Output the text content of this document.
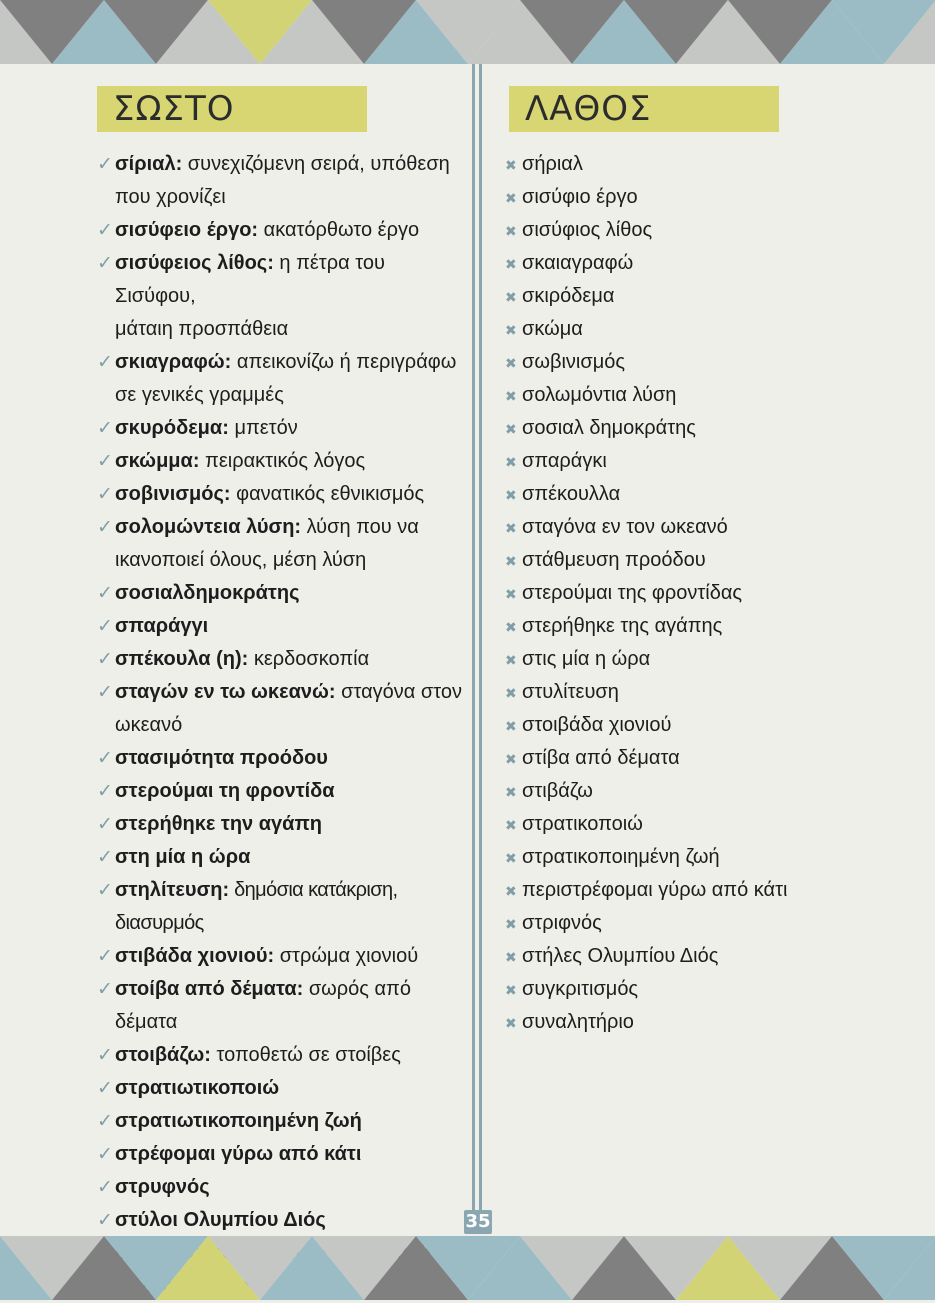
ΣΩΣΤΟ	ΛΑΘΟΣ
✓ σίριαλ: συνεχιζόμενη σειρά, υπόθεση
που χρονίζει
✓ σισύφειο έργο: ακατόρθωτο έργο
✓ σισύφειος λίθος: η πέτρα του Σισύφου,
μάταιη προσπάθεια
✓ σκιαγραφώ: απεικονίζω ή περιγράφω
σε γενικές γραμμές
✓ σκυρόδεμα: μπετόν
✓ σκώμμα: πειρακτικός λόγος
✓ σοβινισμός: φανατικός εθνικισμός
✓ σολομώντεια λύση: λύση που να
ικανοποιεί όλους, μέση λύση
✓ σοσιαλδημοκράτης
✓ σπαράγγι
✓ σπέκουλα (η): κερδοσκοπία
✓ σταγών εν τω ωκεανώ: σταγόνα στον
ωκεανό
✓ στασιμότητα προόδου
✓ στερούμαι τη φροντίδα
✓ στερήθηκε την αγάπη
✓ στη μία η ώρα
✓ στηλίτευση: δημόσια κατάκριση, διασυρμός
✓ στιβάδα χιονιού: στρώμα χιονιού
✓ στοίβα από δέματα: σωρός από δέματα
✓ στοιβάζω: τοποθετώ σε στοίβες
✓ στρατιωτικοποιώ
✓ στρατιωτικοποιημένη ζωή
✓ στρέφομαι γύρω από κάτι
✓ στρυφνός
✓ στύλοι Ολυμπίου Διός
✖ σήριαλ

✖ σισύφιο έργο
✖ σισύφιος λίθος

✖ σκαιαγραφώ

✖ σκιρόδεμα
✖ σκώμα
✖ σωβινισμός
✖ σολωμόντια λύση

✖ σοσιαλ δημοκράτης
✖ σπαράγκι
✖ σπέκουλλα
✖ σταγόνα εν τον ωκεανό

✖ στάθμευση προόδου
✖ στερούμαι της φροντίδας
✖ στερήθηκε της αγάπης
✖ στις μία η ώρα
✖ στυλίτευση
✖ στοιβάδα χιονιού
✖ στίβα από δέματα
✖ στιβάζω
✖ στρατικοποιώ
✖ στρατικοποιημένη ζωή
✖ περιστρέφομαι γύρω από κάτι
✖ στριφνός
✖ στήλες Ολυμπίου Διός
✖ συγκριτισμός
✖ συναλητήριο
35
